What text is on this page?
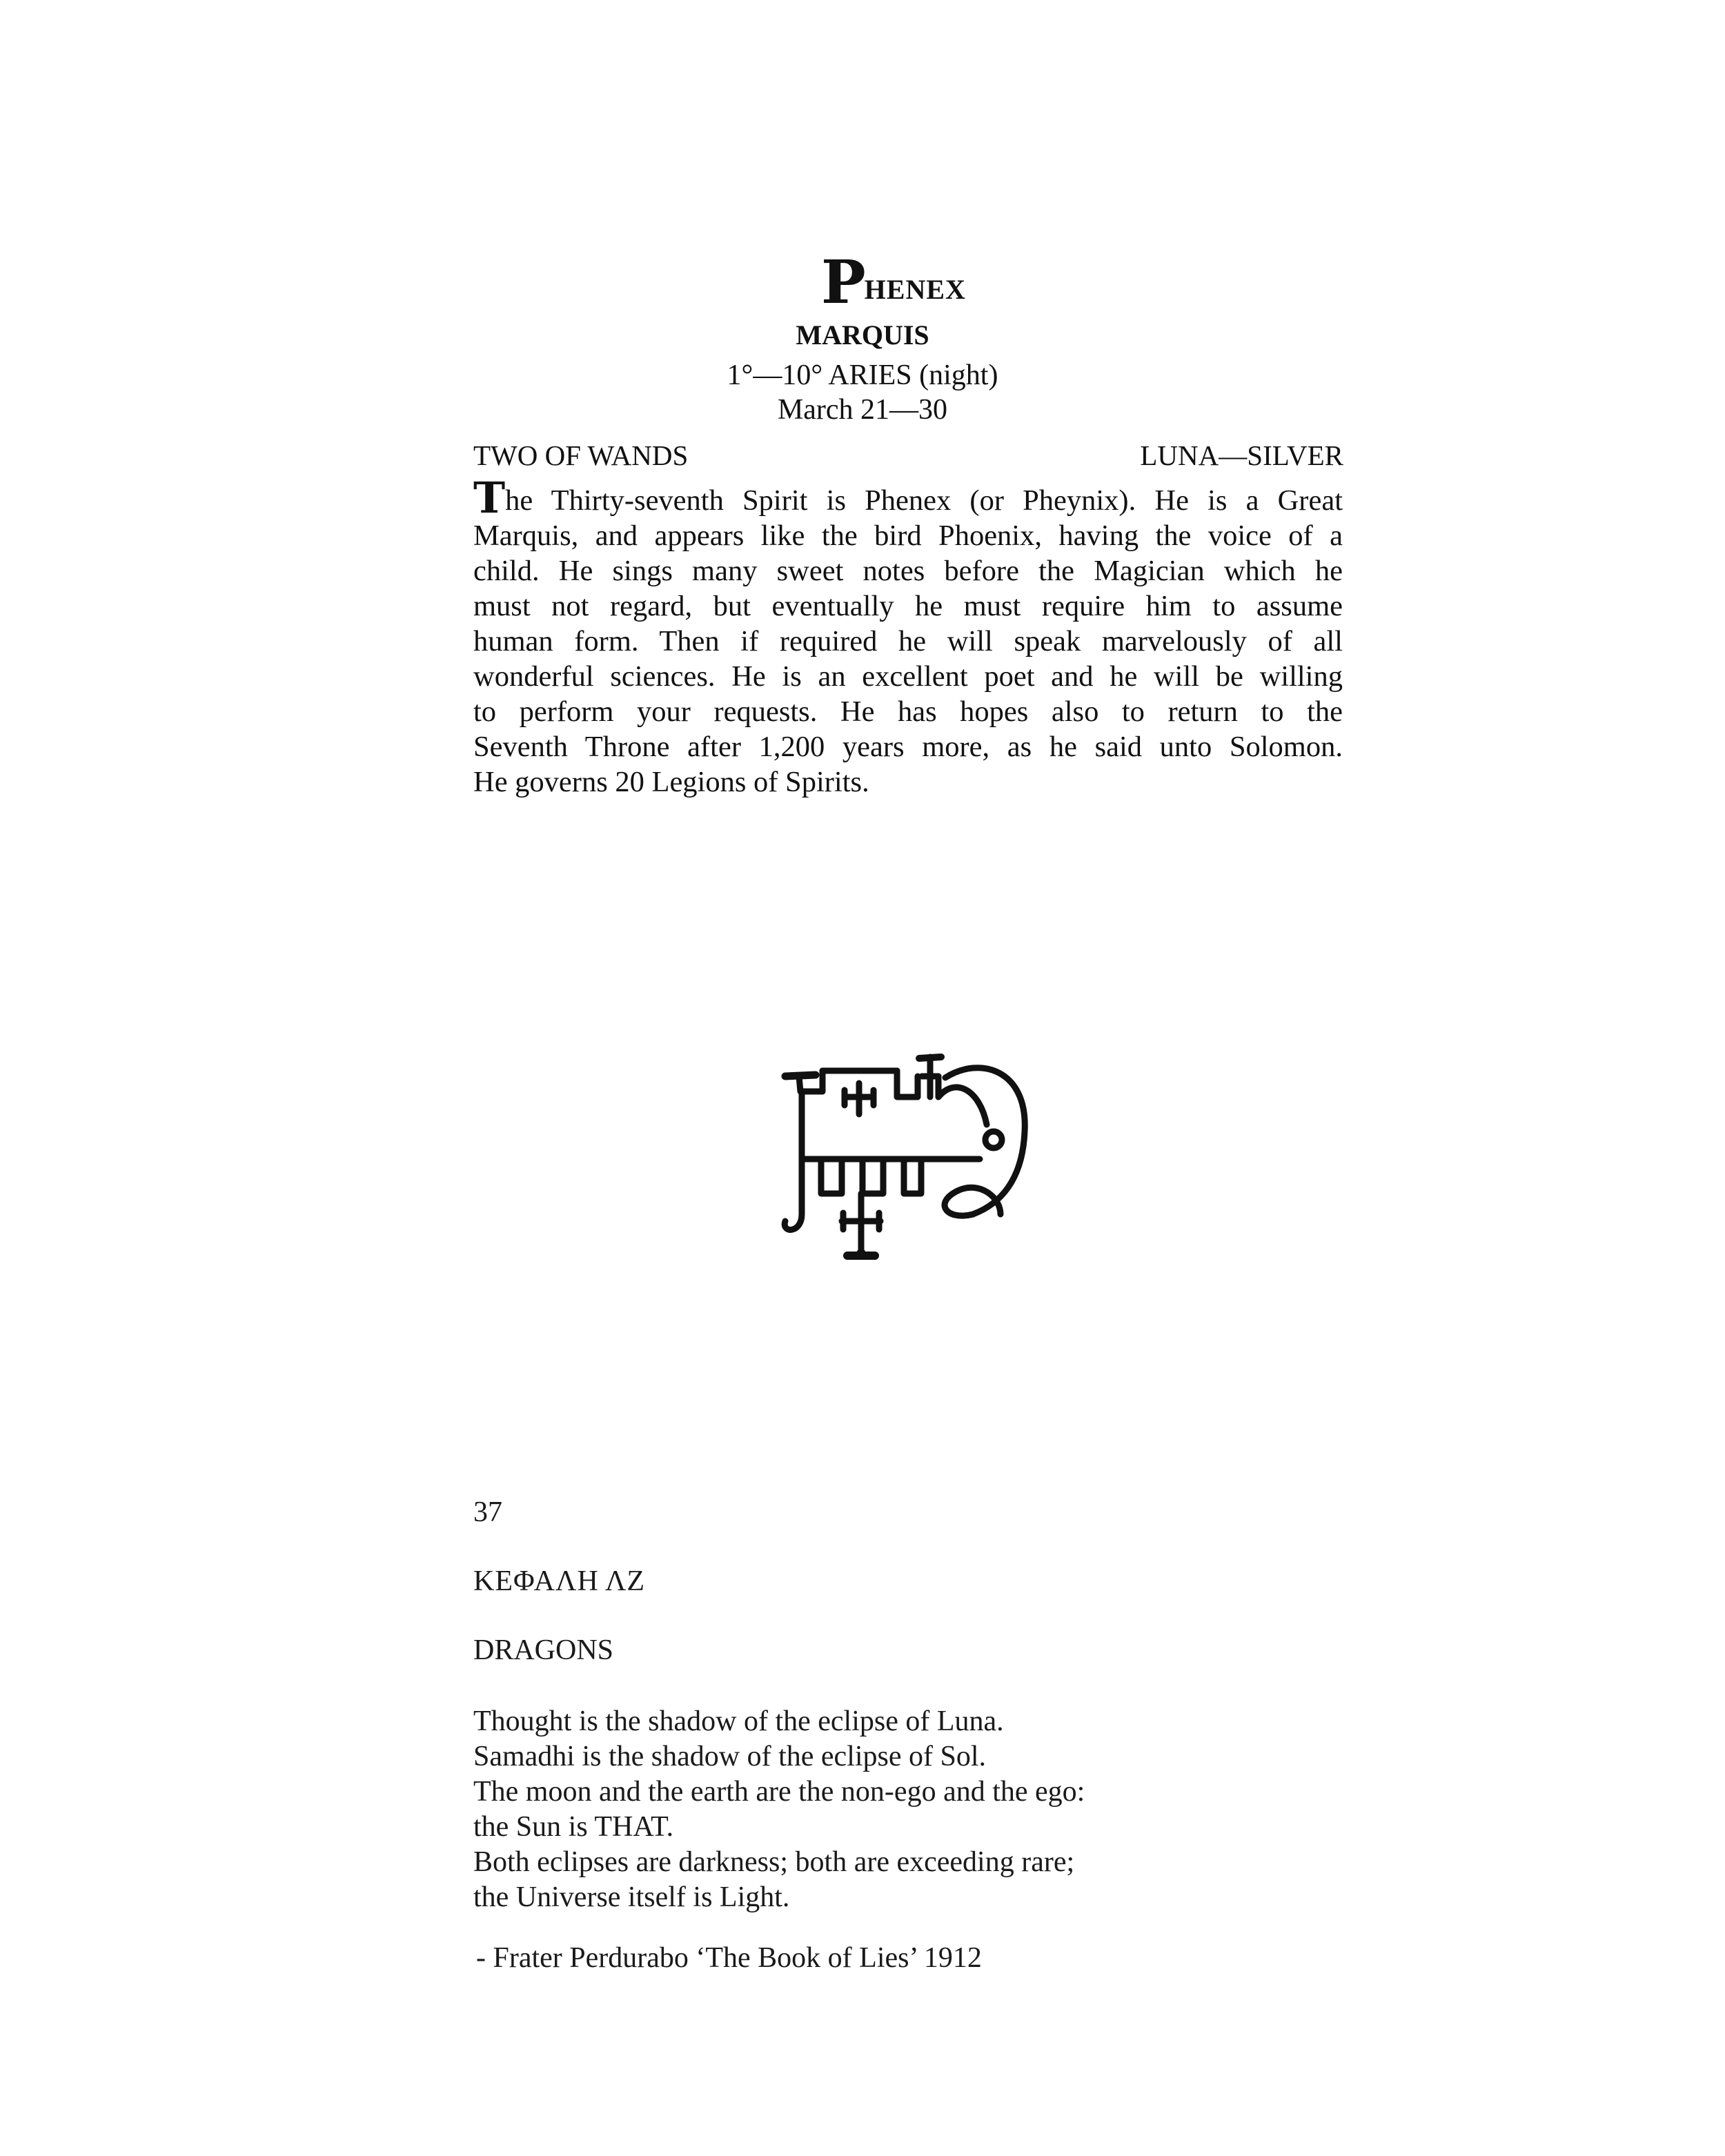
P HENEX
MARQUIS
1°—10° ARIES (night)
March 21—30
TWO OF WANDS	LUNA—SILVER
The Thirty-seventh Spirit is Phenex (or Pheynix). He is a Great
Marquis, and appears like the bird Phoenix, having the voice of a
child. He sings many sweet notes before the Magician which he
must not regard, but eventually he must require him to assume
human form. Then if required he will speak marvelously of all
wonderful sciences. He is an excellent poet and he will be willing
to perform your requests. He has hopes also to return to the
Seventh Throne after 1,200 years more, as he said unto Solomon.
He governs 20 Legions of Spirits.
37
ΚΕΦΑΛΗ ΛΖ
DRAGONS
Thought is the shadow of the eclipse of Luna.
Samadhi is the shadow of the eclipse of Sol.
The moon and the earth are the non-ego and the ego:
the Sun is THAT.
Both eclipses are darkness; both are exceeding rare;
the Universe itself is Light.
- Frater Perdurabo ‘The Book of Lies’ 1912
